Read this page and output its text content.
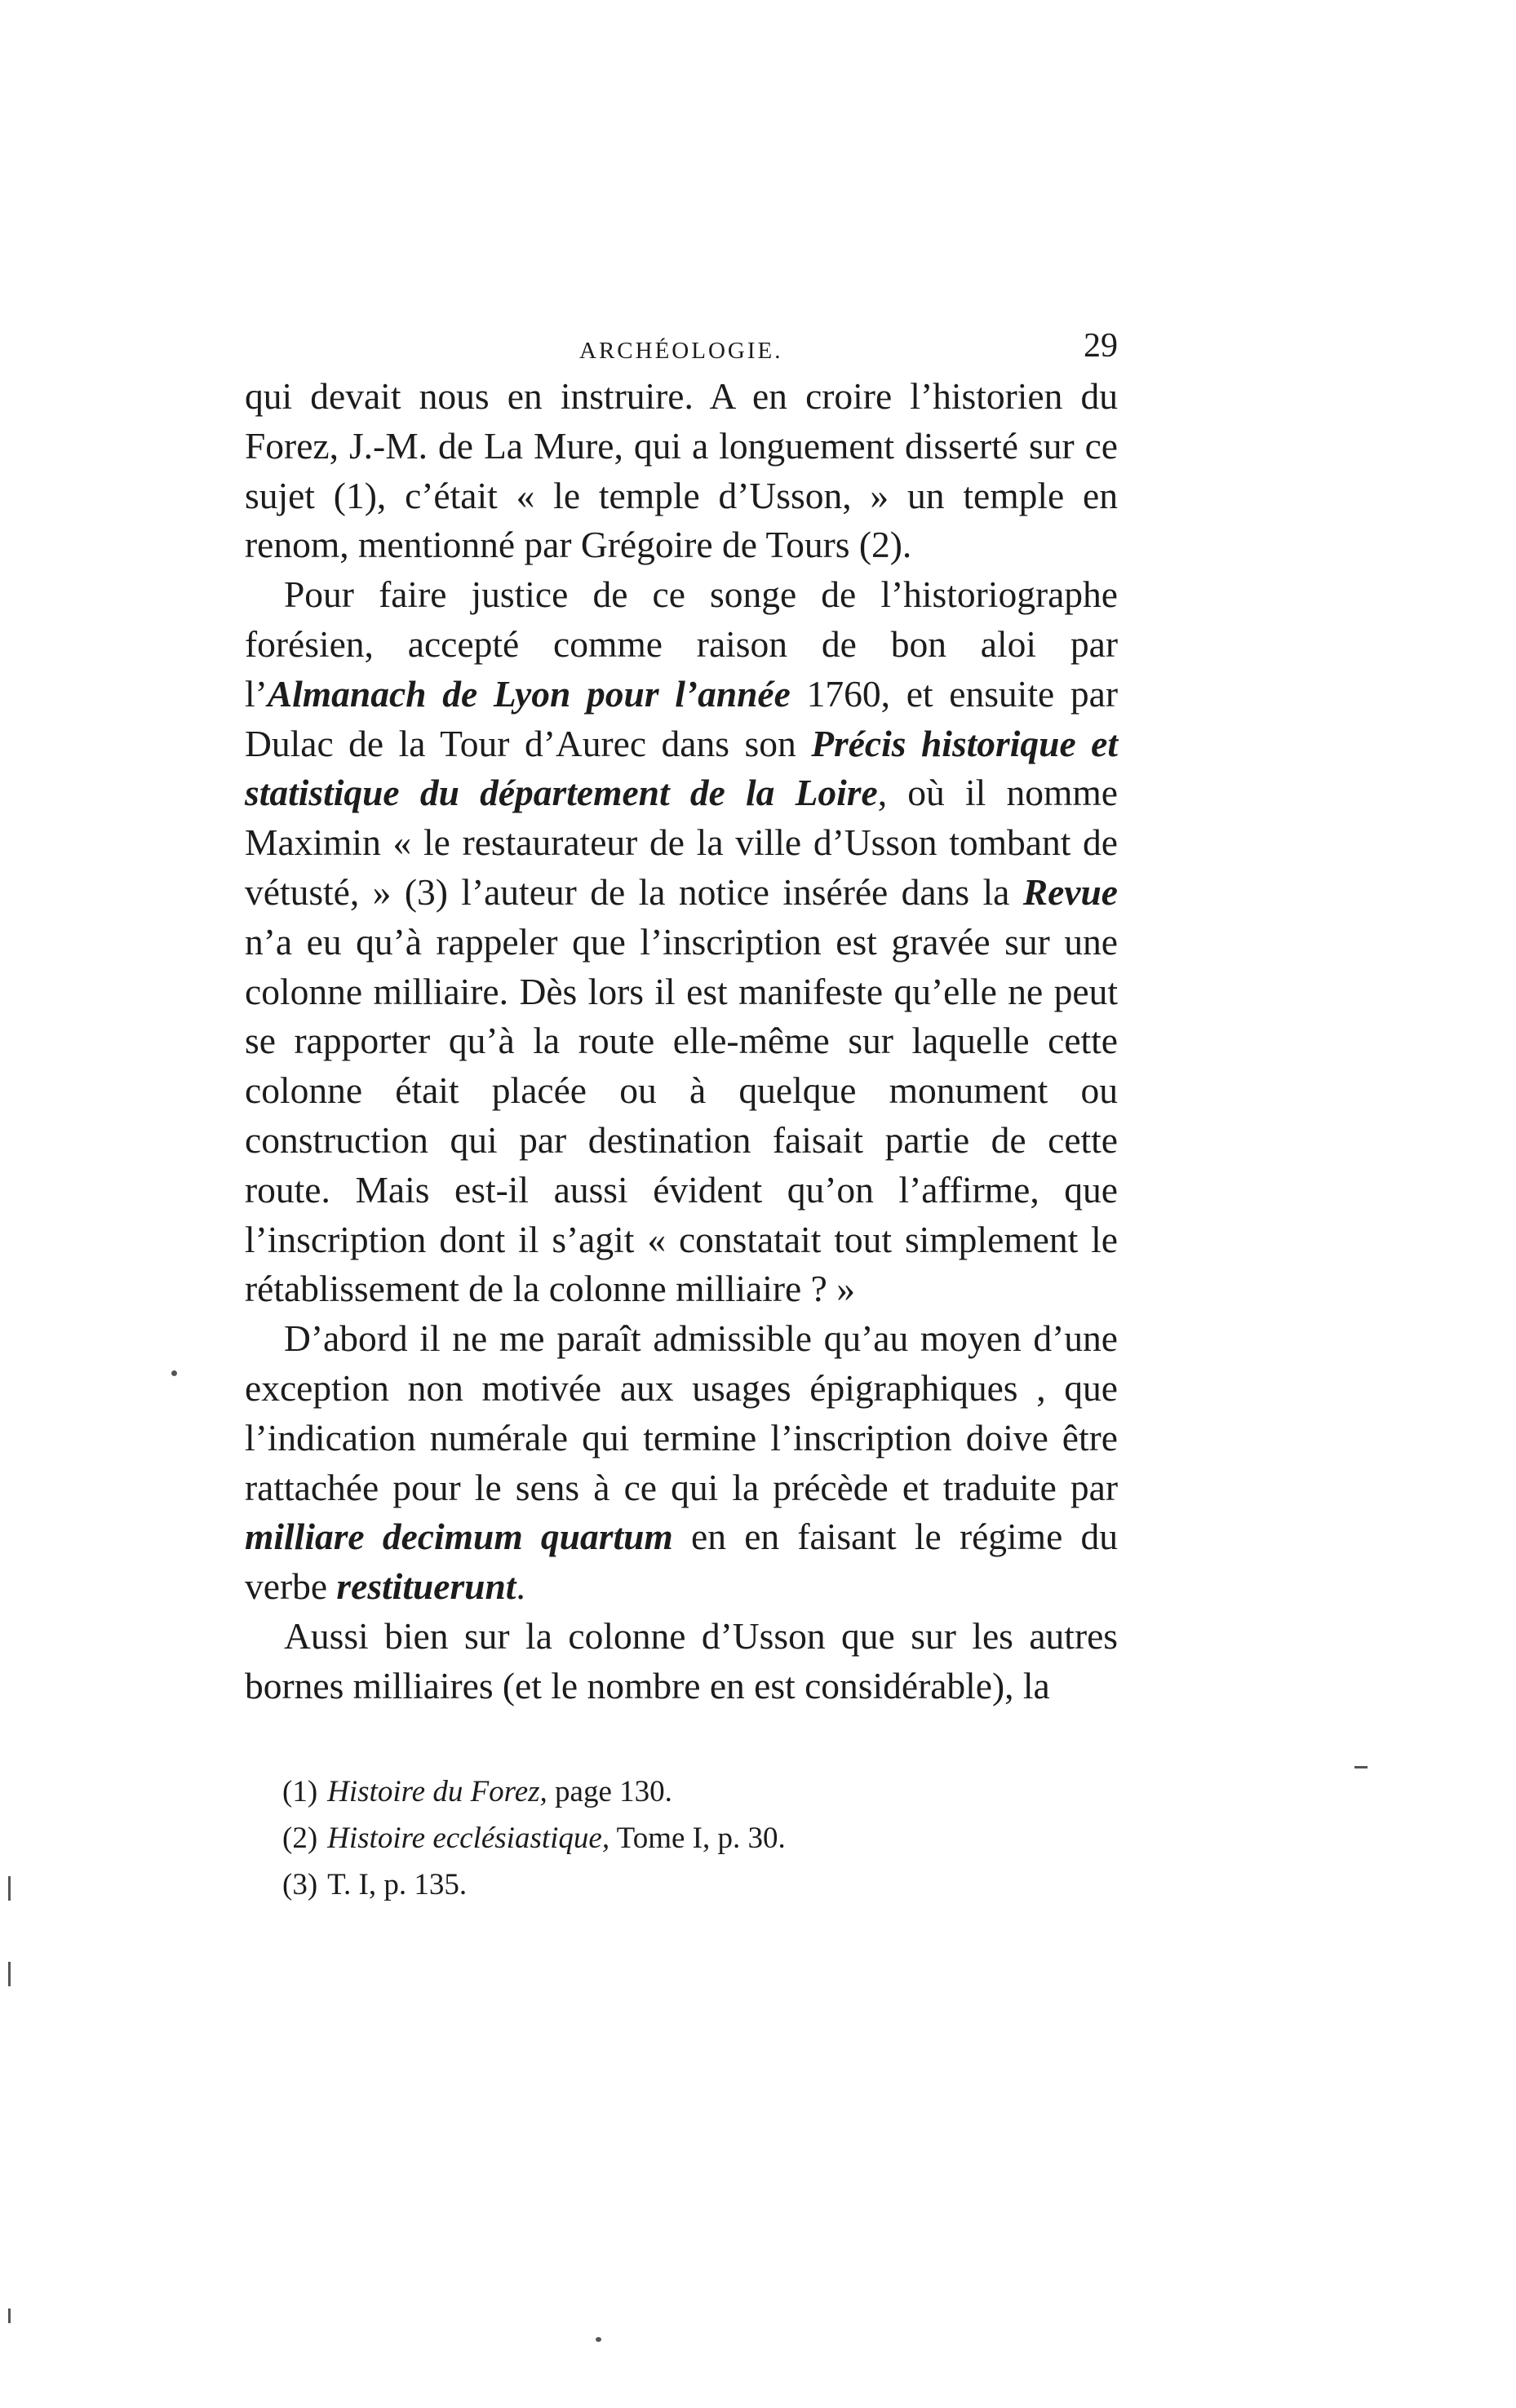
ARCHÉOLOGIE.	29

qui devait nous en instruire. A en croire l’historien du Forez, J.-M. de La Mure, qui a longuement disserté sur ce sujet (1), c’était « le temple d’Usson, » un temple en renom, mentionné par Grégoire de Tours (2).

Pour faire justice de ce songe de l’historiographe forésien, accepté comme raison de bon aloi par l’Almanach de Lyon pour l’année 1760, et ensuite par Dulac de la Tour d’Aurec dans son Précis historique et statistique du département de la Loire, où il nomme Maximin « le restaurateur de la ville d’Usson tombant de vétusté, » (3) l’auteur de la notice insérée dans la Revue n’a eu qu’à rappeler que l’inscription est gravée sur une colonne milliaire. Dès lors il est manifeste qu’elle ne peut se rapporter qu’à la route elle-même sur laquelle cette colonne était placée ou à quelque monument ou construction qui par destination faisait partie de cette route. Mais est-il aussi évident qu’on l’affirme, que l’inscription dont il s’agit « constatait tout simplement le rétablissement de la colonne milliaire ? »

D’abord il ne me paraît admissible qu’au moyen d’une exception non motivée aux usages épigraphiques , que l’indication numérale qui termine l’inscription doive être rattachée pour le sens à ce qui la précède et traduite par milliare decimum quartum en en faisant le régime du verbe restituerunt.

Aussi bien sur la colonne d’Usson que sur les autres bornes milliaires (et le nombre en est considérable), la

(1) Histoire du Forez, page 130.
(2) Histoire ecclésiastique, Tome I, p. 30.
(3) T. I, p. 135.
